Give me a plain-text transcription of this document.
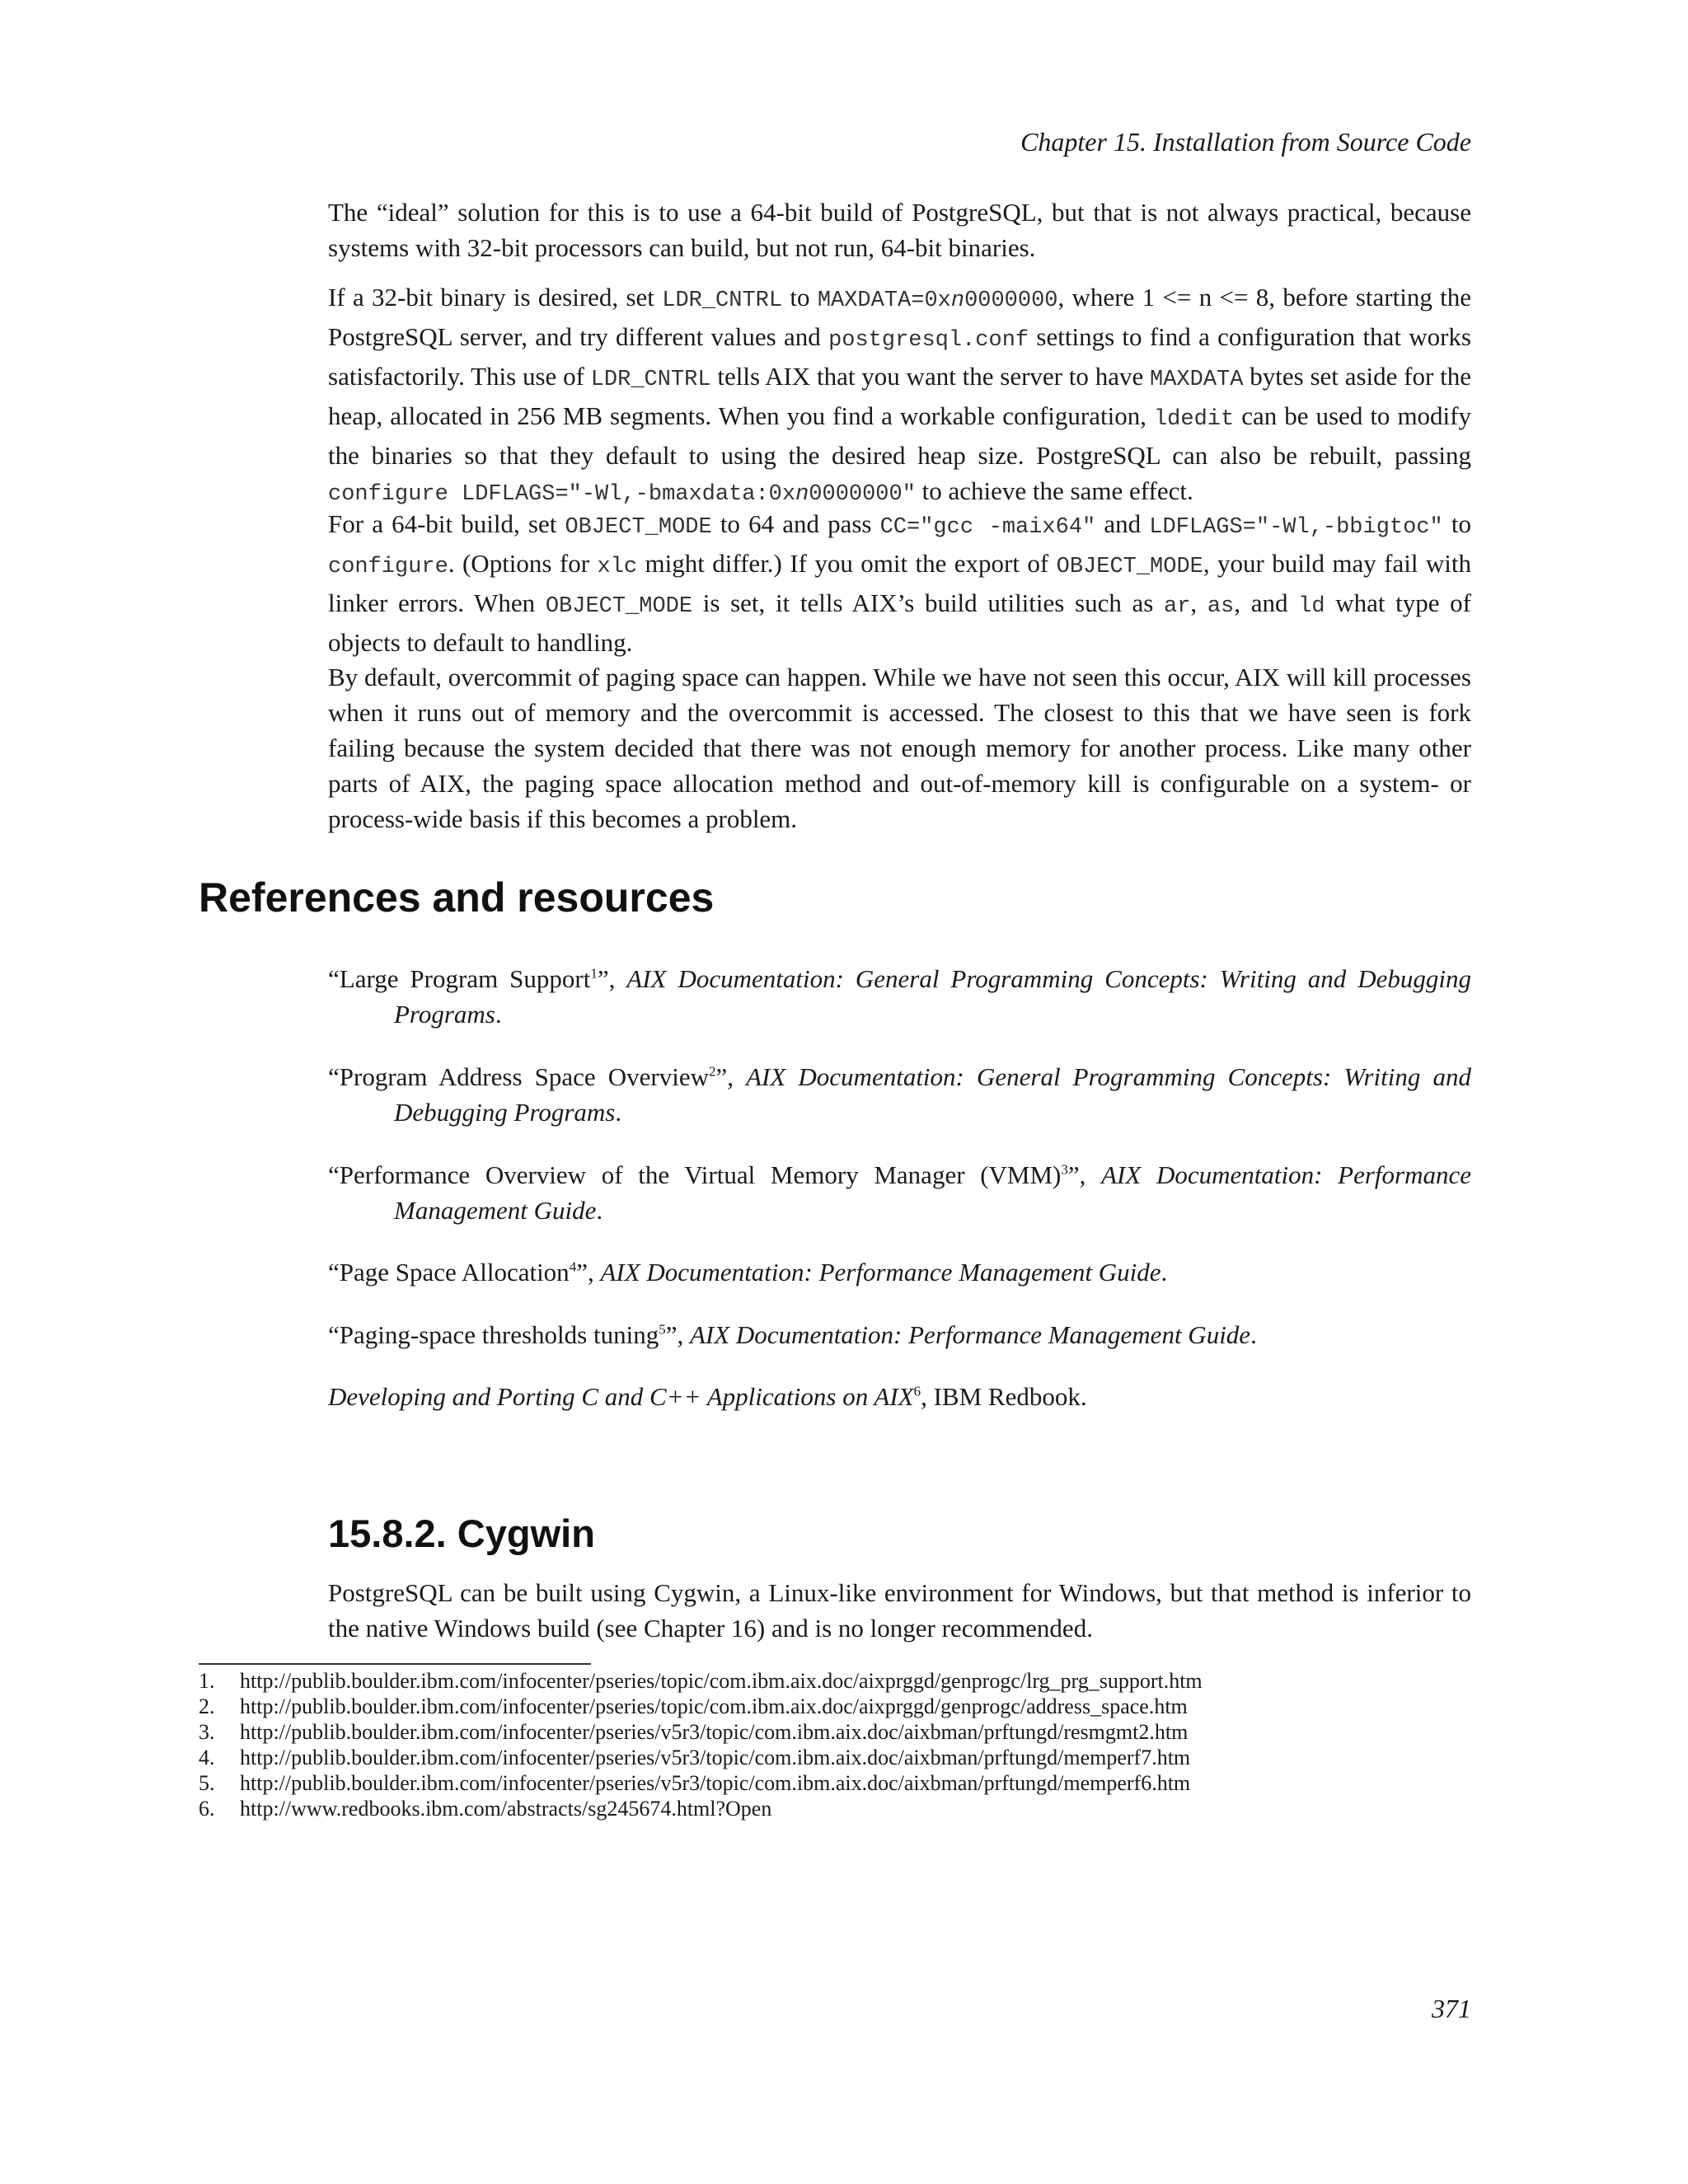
Chapter 15. Installation from Source Code

The “ideal” solution for this is to use a 64-bit build of PostgreSQL, but that is not always practical, because systems with 32-bit processors can build, but not run, 64-bit binaries.

If a 32-bit binary is desired, set LDR_CNTRL to MAXDATA=0xn0000000, where 1 <= n <= 8, before starting the PostgreSQL server, and try different values and postgresql.conf settings to find a configuration that works satisfactorily. This use of LDR_CNTRL tells AIX that you want the server to have MAXDATA bytes set aside for the heap, allocated in 256 MB segments. When you find a workable configuration, ldedit can be used to modify the binaries so that they default to using the desired heap size. PostgreSQL can also be rebuilt, passing configure LDFLAGS="-Wl,-bmaxdata:0xn0000000" to achieve the same effect.

For a 64-bit build, set OBJECT_MODE to 64 and pass CC="gcc -maix64" and LDFLAGS="-Wl,-bbigtoc" to configure. (Options for xlc might differ.) If you omit the export of OBJECT_MODE, your build may fail with linker errors. When OBJECT_MODE is set, it tells AIX’s build utilities such as ar, as, and ld what type of objects to default to handling.

By default, overcommit of paging space can happen. While we have not seen this occur, AIX will kill processes when it runs out of memory and the overcommit is accessed. The closest to this that we have seen is fork failing because the system decided that there was not enough memory for another process. Like many other parts of AIX, the paging space allocation method and out-of-memory kill is configurable on a system- or process-wide basis if this becomes a problem.

References and resources
“Large Program Support$^1$”, AIX Documentation: General Programming Concepts: Writing and Debugging Programs.
“Program Address Space Overview$^2$”, AIX Documentation: General Programming Concepts: Writing and Debugging Programs.
“Performance Overview of the Virtual Memory Manager (VMM)$^3$”, AIX Documentation: Performance Management Guide.
“Page Space Allocation$^4$”, AIX Documentation: Performance Management Guide.
“Paging-space thresholds tuning$^5$”, AIX Documentation: Performance Management Guide.
Developing and Porting C and C++ Applications on AIX$^6$, IBM Redbook.
15.8.2. Cygwin

PostgreSQL can be built using Cygwin, a Linux-like environment for Windows, but that method is inferior to the native Windows build (see Chapter 16) and is no longer recommended.

1. http://publib.boulder.ibm.com/infocenter/pseries/topic/com.ibm.aix.doc/aixprggd/genprogc/lrg_prg_support.htm
2. http://publib.boulder.ibm.com/infocenter/pseries/topic/com.ibm.aix.doc/aixprggd/genprogc/address_space.htm
3. http://publib.boulder.ibm.com/infocenter/pseries/v5r3/topic/com.ibm.aix.doc/aixbman/prftungd/resmgmt2.htm
4. http://publib.boulder.ibm.com/infocenter/pseries/v5r3/topic/com.ibm.aix.doc/aixbman/prftungd/memperf7.htm
5. http://publib.boulder.ibm.com/infocenter/pseries/v5r3/topic/com.ibm.aix.doc/aixbman/prftungd/memperf6.htm
6. http://www.redbooks.ibm.com/abstracts/sg245674.html?Open
371
